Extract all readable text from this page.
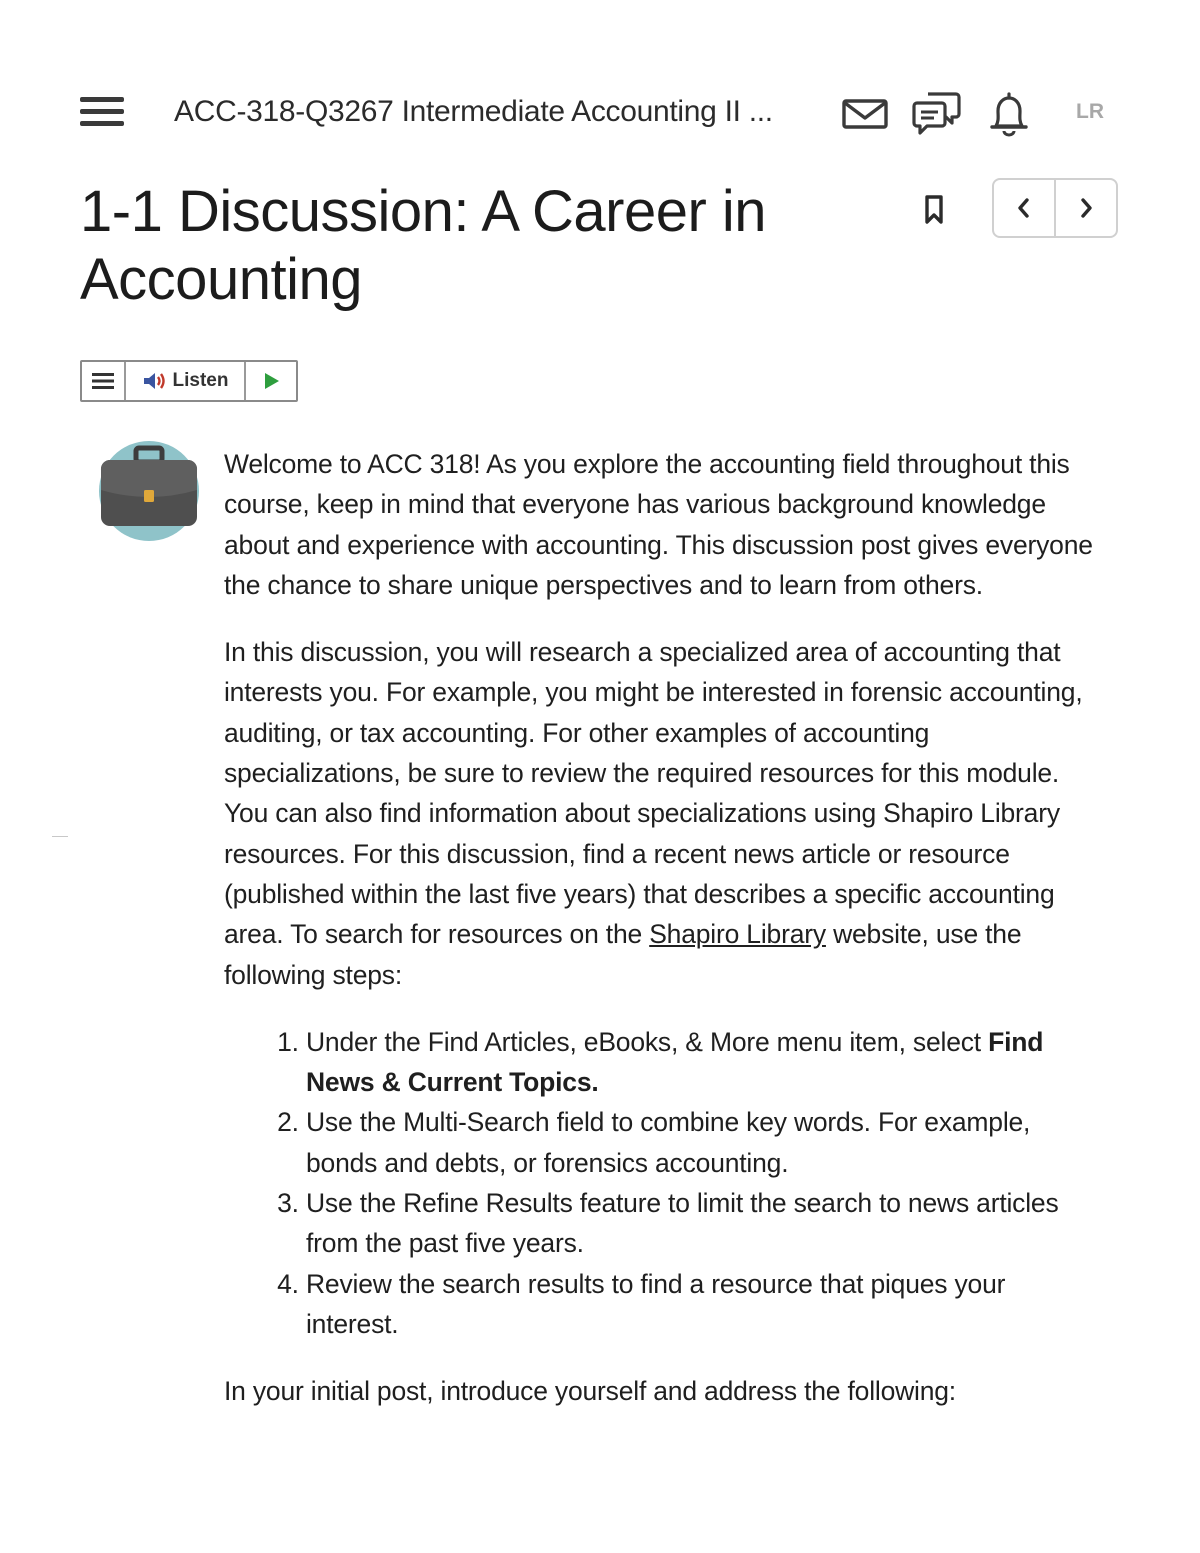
ACC-318-Q3267 Intermediate Accounting II ...	LR
1-1 Discussion: A Career in Accounting
Listen

Welcome to ACC 318! As you explore the accounting field throughout this course, keep in mind that everyone has various background knowledge about and experience with accounting. This discussion post gives everyone the chance to share unique perspectives and to learn from others.

In this discussion, you will research a specialized area of accounting that interests you. For example, you might be interested in forensic accounting, auditing, or tax accounting. For other examples of accounting specializations, be sure to review the required resources for this module. You can also find information about specializations using Shapiro Library resources. For this discussion, find a recent news article or resource (published within the last five years) that describes a specific accounting area. To search for resources on the Shapiro Library website, use the following steps:

1. Under the Find Articles, eBooks, & More menu item, select Find News & Current Topics.
2. Use the Multi-Search field to combine key words. For example, bonds and debts, or forensics accounting.
3. Use the Refine Results feature to limit the search to news articles from the past five years.
4. Review the search results to find a resource that piques your interest.

In your initial post, introduce yourself and address the following:
